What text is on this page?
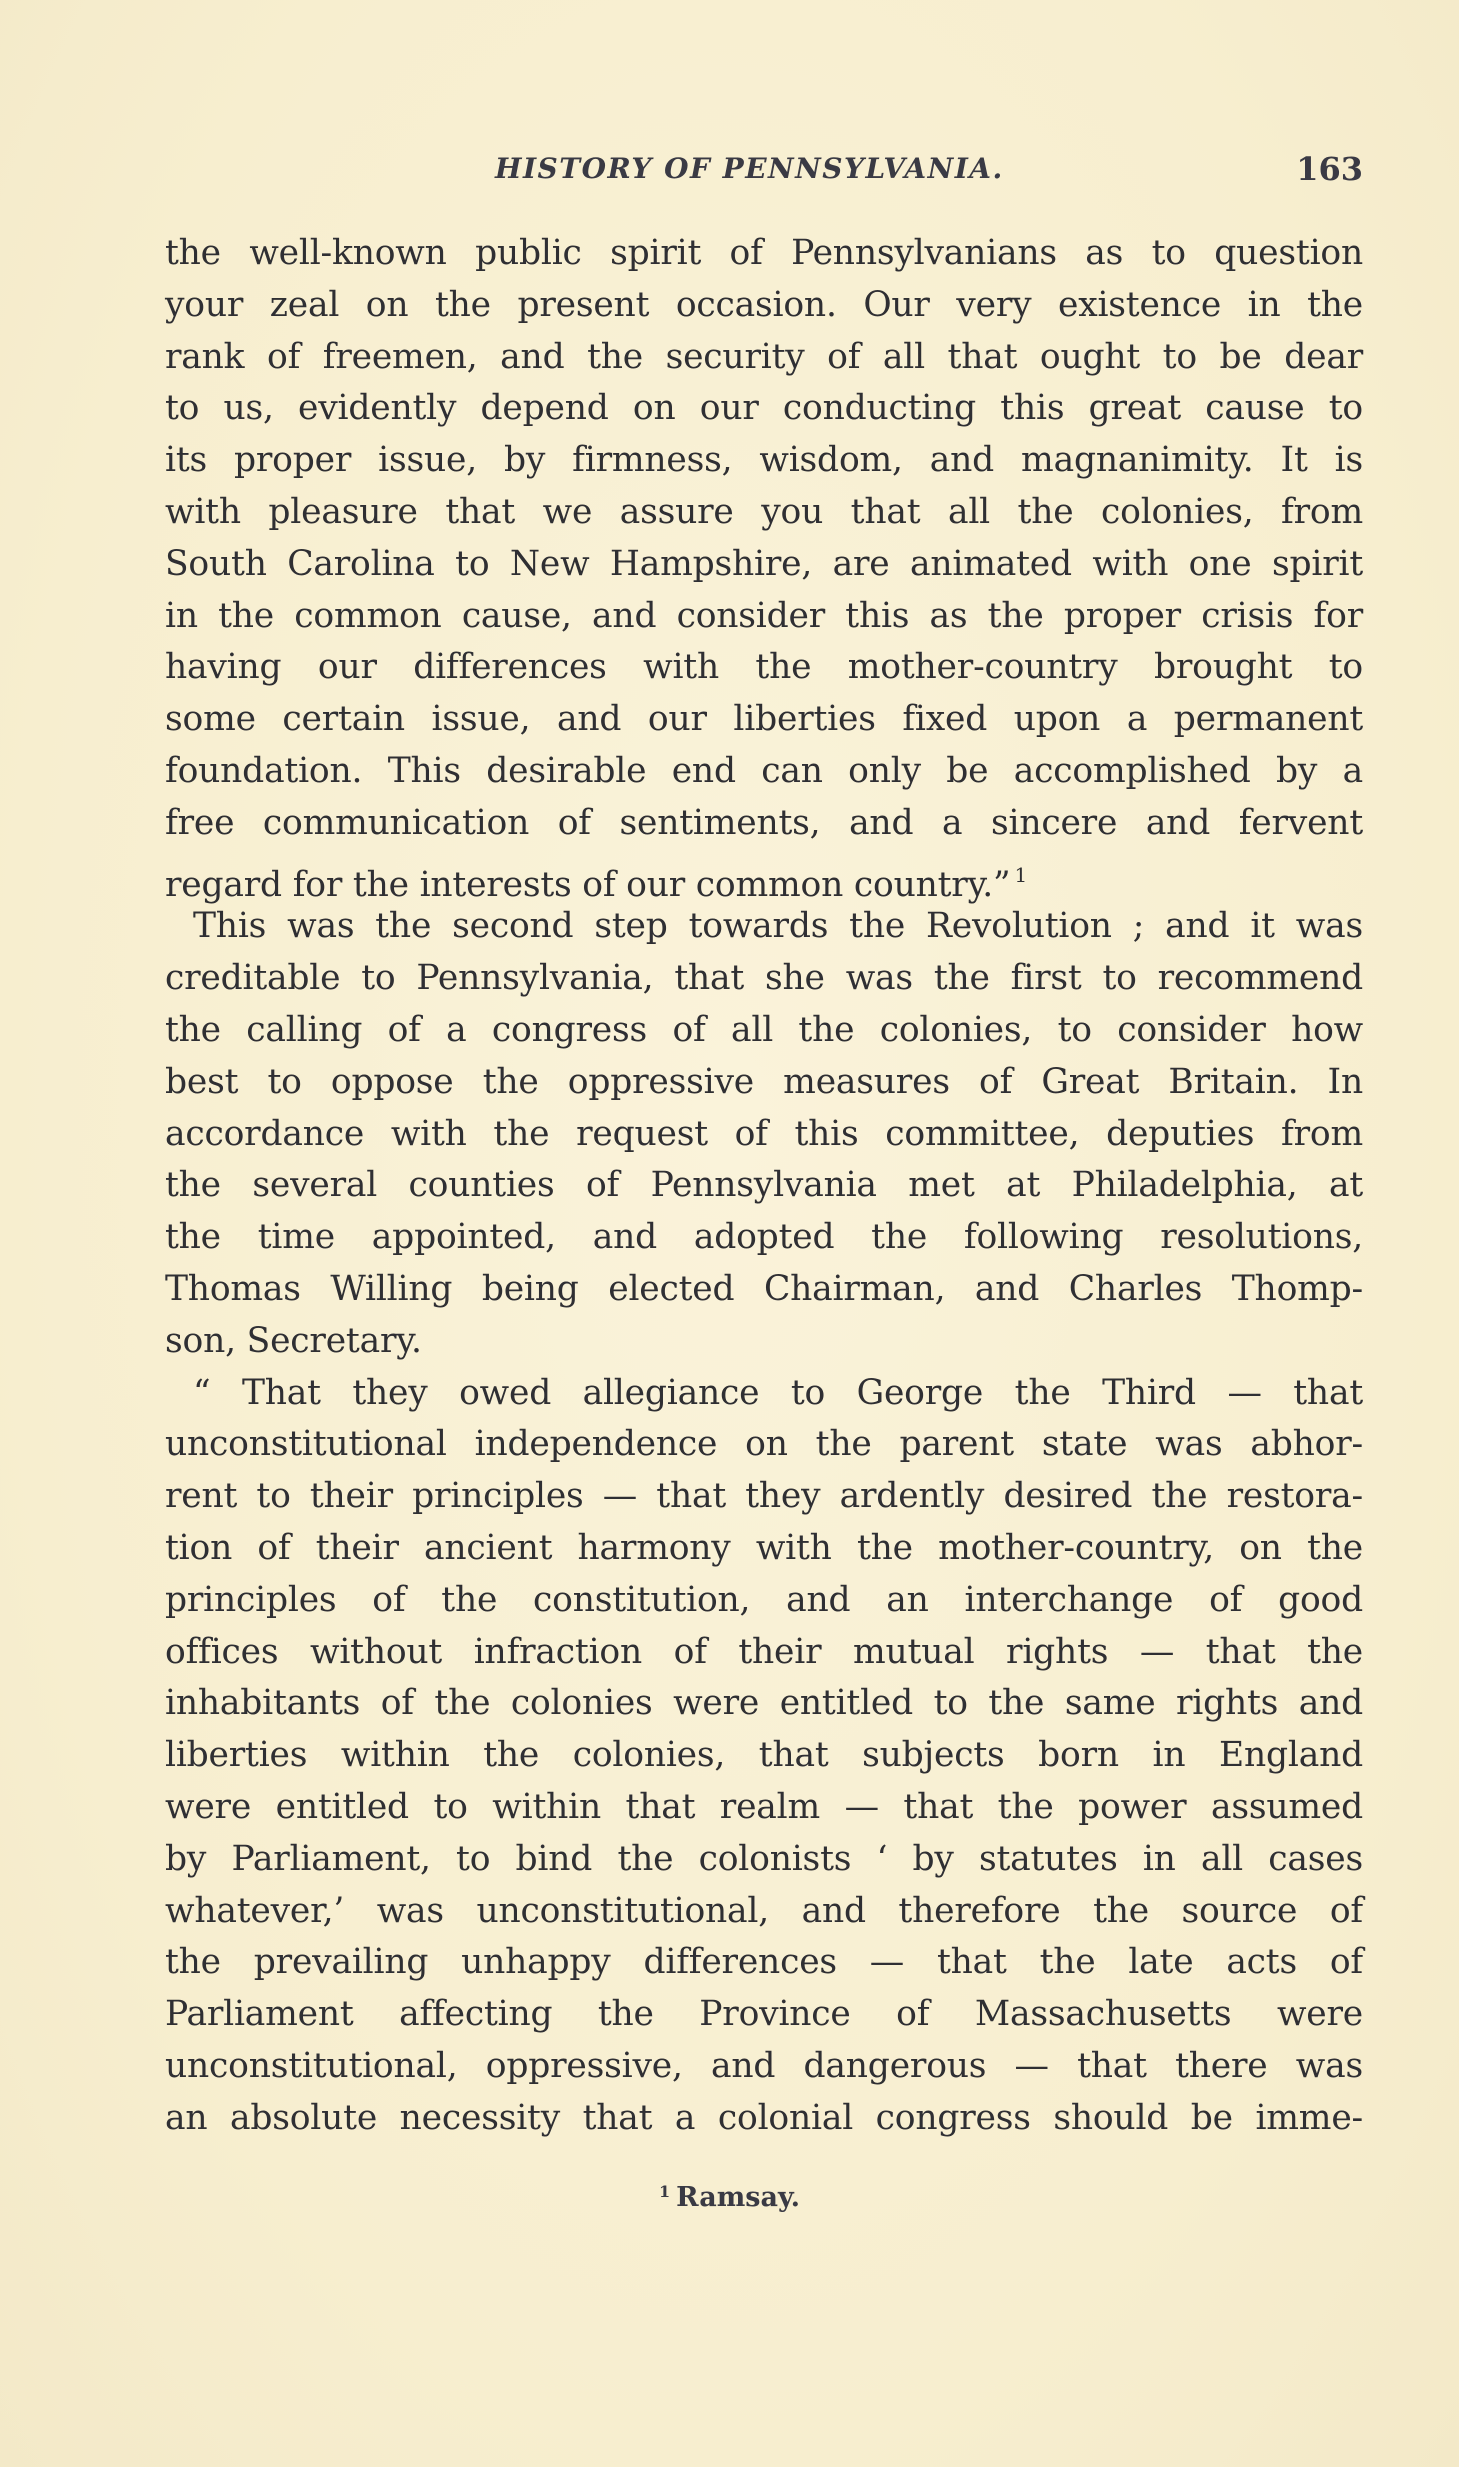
HISTORY OF PENNSYLVANIA.	163
the well-known public spirit of Pennsylvanians as to question
your zeal on the present occasion. Our very existence in the
rank of freemen, and the security of all that ought to be dear
to us, evidently depend on our conducting this great cause to
its proper issue, by firmness, wisdom, and magnanimity. It is
with pleasure that we assure you that all the colonies, from
South Carolina to New Hampshire, are animated with one spirit
in the common cause, and consider this as the proper crisis for
having our differences with the mother-country brought to
some certain issue, and our liberties fixed upon a permanent
foundation. This desirable end can only be accomplished by a
free communication of sentiments, and a sincere and fervent
regard for the interests of our common country.” $^1$
This was the second step towards the Revolution ; and it was
creditable to Pennsylvania, that she was the first to recommend
the calling of a congress of all the colonies, to consider how
best to oppose the oppressive measures of Great Britain. In
accordance with the request of this committee, deputies from
the several counties of Pennsylvania met at Philadelphia, at
the time appointed, and adopted the following resolutions,
Thomas Willing being elected Chairman, and Charles Thomp-
son, Secretary.
“ That they owed allegiance to George the Third — that
unconstitutional independence on the parent state was abhor-
rent to their principles — that they ardently desired the restora-
tion of their ancient harmony with the mother-country, on the
principles of the constitution, and an interchange of good
offices without infraction of their mutual rights — that the
inhabitants of the colonies were entitled to the same rights and
liberties within the colonies, that subjects born in England
were entitled to within that realm — that the power assumed
by Parliament, to bind the colonists ‘ by statutes in all cases
whatever,’ was unconstitutional, and therefore the source of
the prevailing unhappy differences — that the late acts of
Parliament affecting the Province of Massachusetts were
unconstitutional, oppressive, and dangerous — that there was
an absolute necessity that a colonial congress should be imme-
$^1$ Ramsay.
